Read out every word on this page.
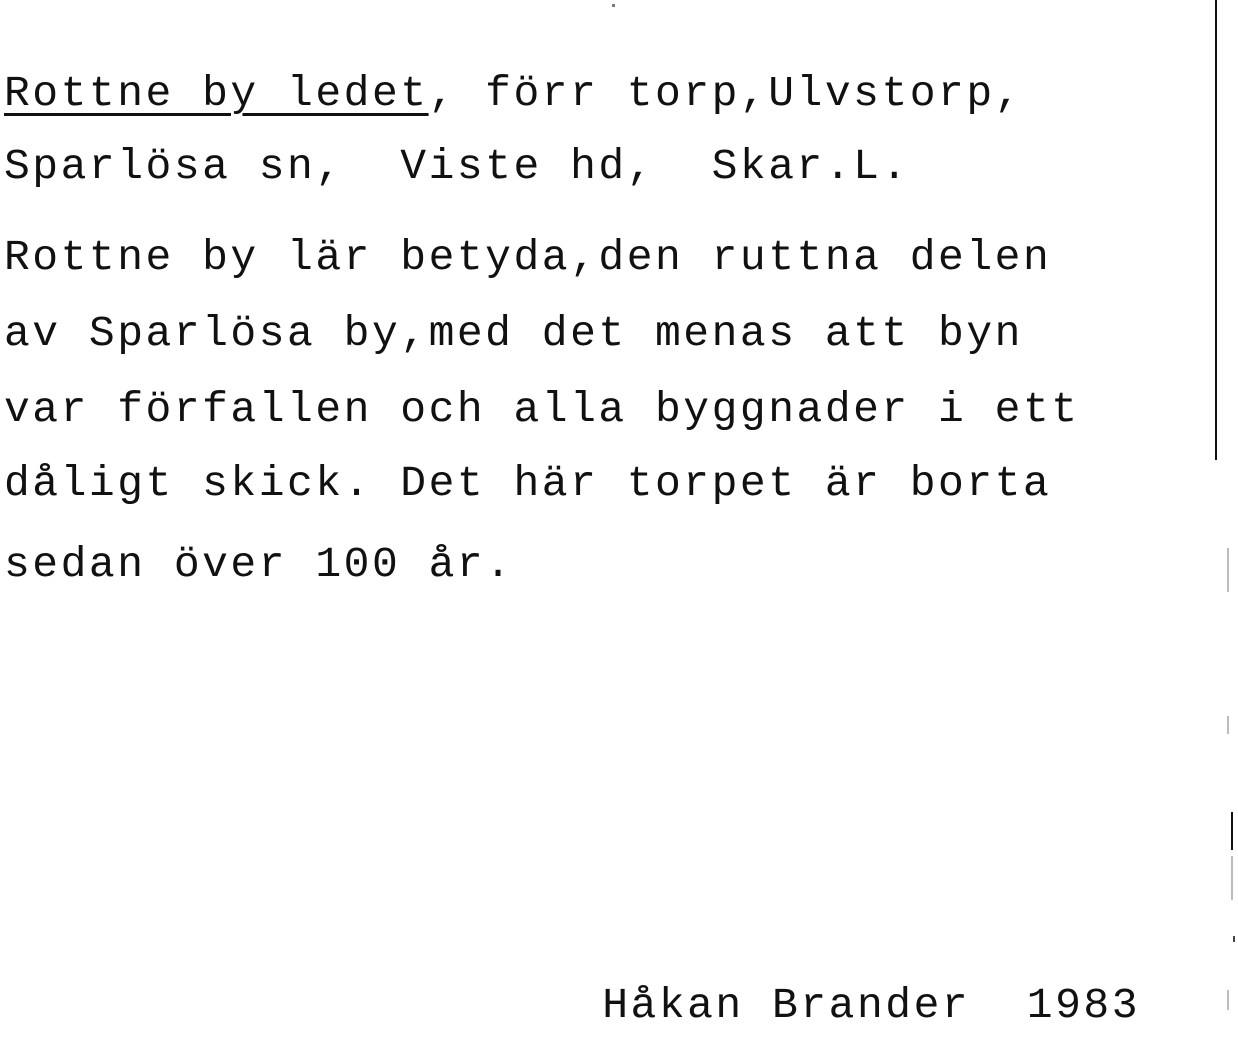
Rottne by ledet, förr torp,Ulvstorp,
Sparlösa sn,  Viste hd,  Skar.L.
Rottne by lär betyda,den ruttna delen
av Sparlösa by,med det menas att byn
var förfallen och alla byggnader i ett
dåligt skick. Det här torpet är borta
sedan över 100 år.
Håkan Brander  1983
